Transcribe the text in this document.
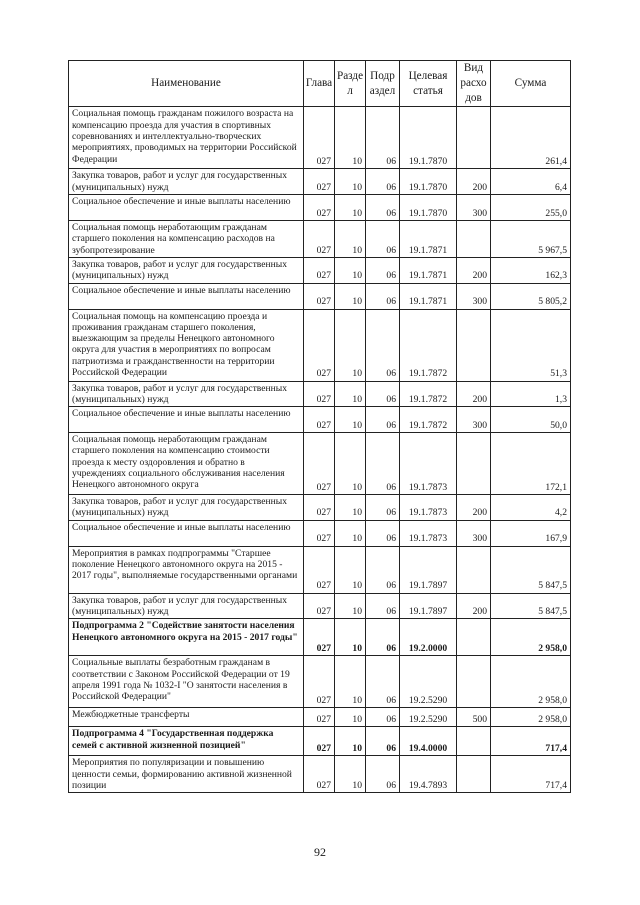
Наименование	Глава	Разде л	Подр аздел	Целевая статья	Вид расхо дов	Сумма
Социальная помощь гражданам пожилого возраста на компенсацию проезда для участия в спортивных соревнованиях и интеллектуально-творческих мероприятиях, проводимых на территории Российской Федерации	027	10	06	19.1.7870		261,4
Закупка товаров, работ и услуг для государственных (муниципальных) нужд	027	10	06	19.1.7870	200	6,4
Социальное обеспечение и иные выплаты населению	027	10	06	19.1.7870	300	255,0
Социальная помощь неработающим гражданам старшего поколения на компенсацию расходов на зубопротезирование	027	10	06	19.1.7871		5 967,5
Закупка товаров, работ и услуг для государственных (муниципальных) нужд	027	10	06	19.1.7871	200	162,3
Социальное обеспечение и иные выплаты населению	027	10	06	19.1.7871	300	5 805,2
Социальная помощь на компенсацию проезда и проживания гражданам старшего поколения, выезжающим за пределы Ненецкого автономного округа для участия в мероприятиях по вопросам патриотизма и гражданственности на территории Российской Федерации	027	10	06	19.1.7872		51,3
Закупка товаров, работ и услуг для государственных (муниципальных) нужд	027	10	06	19.1.7872	200	1,3
Социальное обеспечение и иные выплаты населению	027	10	06	19.1.7872	300	50,0
Социальная помощь неработающим гражданам старшего поколения на компенсацию стоимости проезда к месту оздоровления и обратно в учреждениях социального обслуживания населения Ненецкого автономного округа	027	10	06	19.1.7873		172,1
Закупка товаров, работ и услуг для государственных (муниципальных) нужд	027	10	06	19.1.7873	200	4,2
Социальное обеспечение и иные выплаты населению	027	10	06	19.1.7873	300	167,9
Мероприятия в рамках подпрограммы "Старшее поколение Ненецкого автономного округа на 2015 - 2017 годы", выполняемые государственными органами	027	10	06	19.1.7897		5 847,5
Закупка товаров, работ и услуг для государственных (муниципальных) нужд	027	10	06	19.1.7897	200	5 847,5
Подпрограмма 2 "Содействие занятости населения Ненецкого автономного округа на 2015 - 2017 годы"	027	10	06	19.2.0000		2 958,0
Социальные выплаты безработным гражданам в соответствии с Законом Российской Федерации от 19 апреля 1991 года № 1032-I "О занятости населения в Российской Федерации"	027	10	06	19.2.5290		2 958,0
Межбюджетные трансферты	027	10	06	19.2.5290	500	2 958,0
Подпрограмма 4 "Государственная поддержка семей с активной жизненной позицией"	027	10	06	19.4.0000		717,4
Мероприятия по популяризации и повышению ценности семьи, формированию активной жизненной позиции	027	10	06	19.4.7893		717,4
92
